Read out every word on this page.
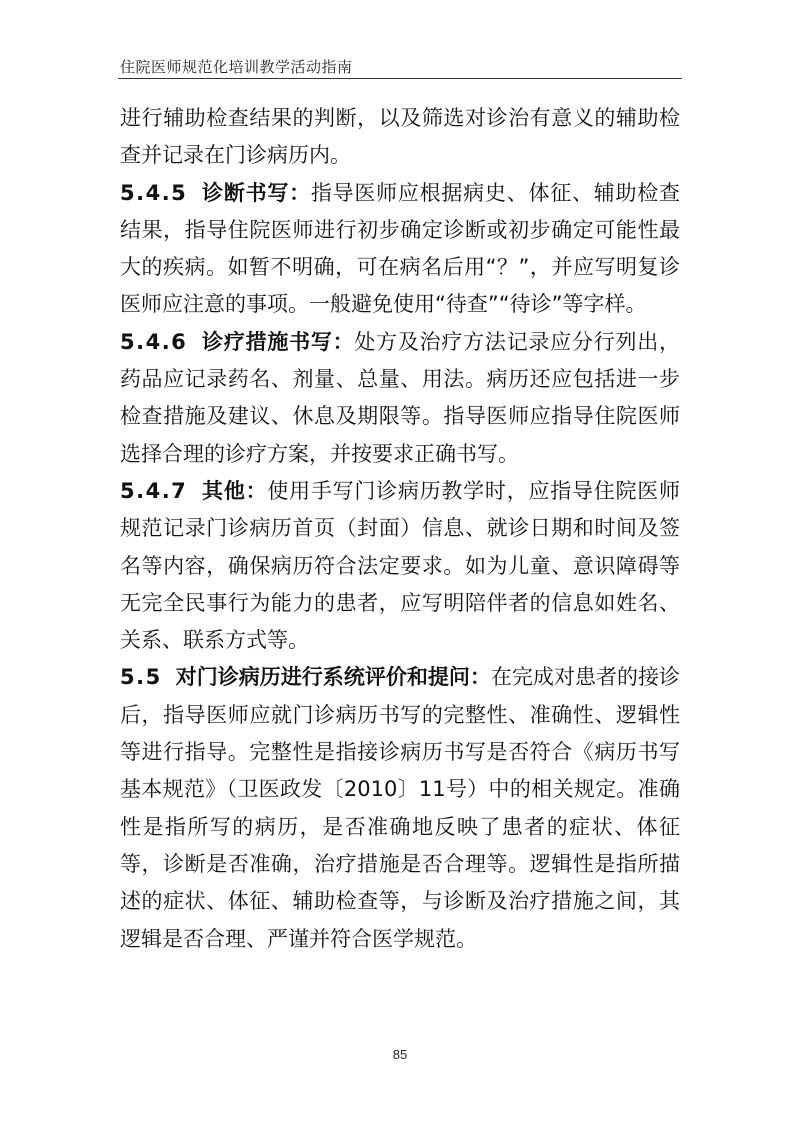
住院医师规范化培训教学活动指南

进行辅助检查结果的判断，以及筛选对诊治有意义的辅助检查并记录在门诊病历内。

5.4.5 诊断书写：指导医师应根据病史、体征、辅助检查结果，指导住院医师进行初步确定诊断或初步确定可能性最大的疾病。如暂不明确，可在病名后用“？”，并应写明复诊医师应注意的事项。一般避免使用“待查”“待诊”等字样。

5.4.6 诊疗措施书写：处方及治疗方法记录应分行列出，药品应记录药名、剂量、总量、用法。病历还应包括进一步检查措施及建议、休息及期限等。指导医师应指导住院医师选择合理的诊疗方案，并按要求正确书写。

5.4.7 其他：使用手写门诊病历教学时，应指导住院医师规范记录门诊病历首页（封面）信息、就诊日期和时间及签名等内容，确保病历符合法定要求。如为儿童、意识障碍等无完全民事行为能力的患者，应写明陪伴者的信息如姓名、关系、联系方式等。

5.5 对门诊病历进行系统评价和提问：在完成对患者的接诊后，指导医师应就门诊病历书写的完整性、准确性、逻辑性等进行指导。完整性是指接诊病历书写是否符合《病历书写基本规范》（卫医政发〔2010〕11号）中的相关规定。准确性是指所写的病历，是否准确地反映了患者的症状、体征等，诊断是否准确，治疗措施是否合理等。逻辑性是指所描述的症状、体征、辅助检查等，与诊断及治疗措施之间，其逻辑是否合理、严谨并符合医学规范。

85
